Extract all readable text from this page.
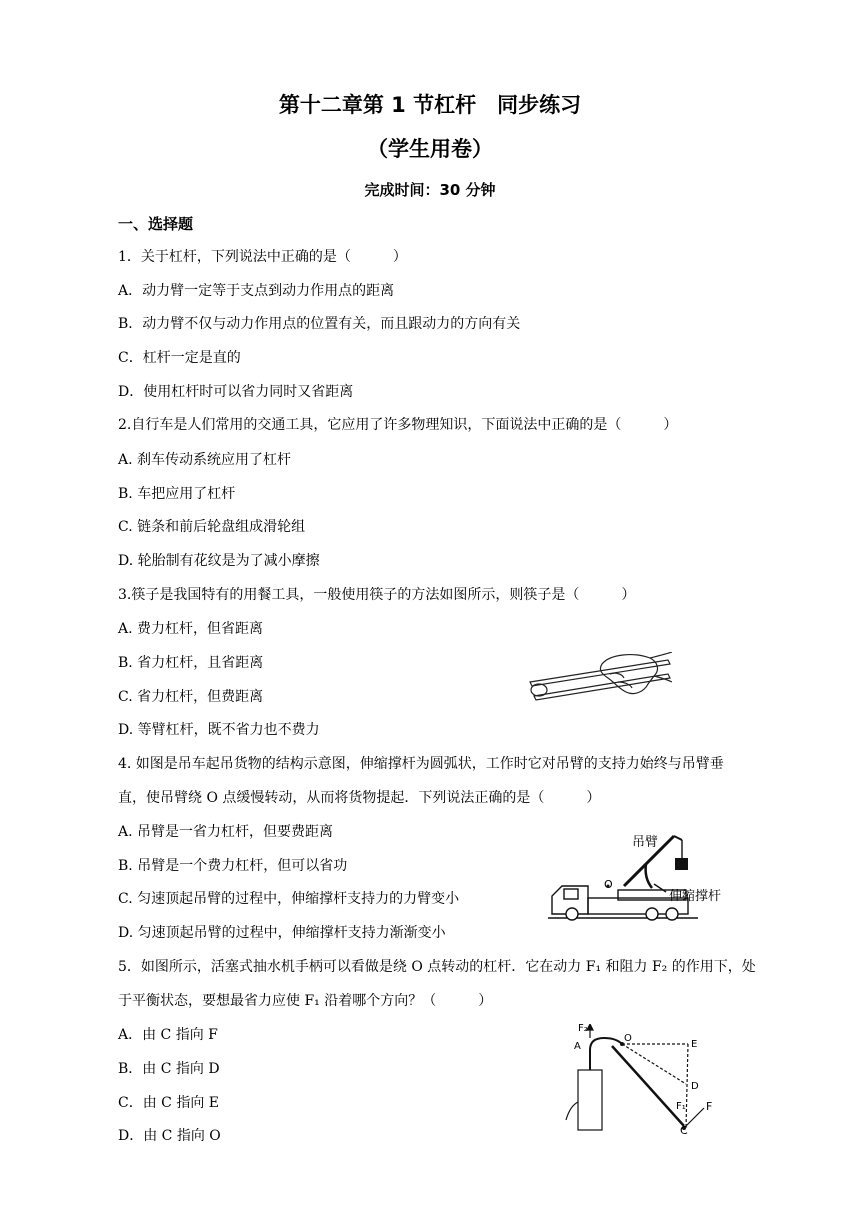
第十二章第 1 节杠杆　同步练习
（学生用卷）
完成时间：30 分钟
一、选择题
1．关于杠杆，下列说法中正确的是（　　　）
A．动力臂一定等于支点到动力作用点的距离
B．动力臂不仅与动力作用点的位置有关，而且跟动力的方向有关
C．杠杆一定是直的
D．使用杠杆时可以省力同时又省距离
2.自行车是人们常用的交通工具，它应用了许多物理知识，下面说法中正确的是（　　　）
A. 刹车传动系统应用了杠杆
B. 车把应用了杠杆
C. 链条和前后轮盘组成滑轮组
D. 轮胎制有花纹是为了减小摩擦
3.筷子是我国特有的用餐工具，一般使用筷子的方法如图所示，则筷子是（　　　）
A. 费力杠杆，但省距离
B. 省力杠杆，且省距离
C. 省力杠杆，但费距离
D. 等臂杠杆，既不省力也不费力
4. 如图是吊车起吊货物的结构示意图，伸缩撑杆为圆弧状，工作时它对吊臂的支持力始终与吊臂垂
直，使吊臂绕 O 点缓慢转动，从而将货物提起．下列说法正确的是（　　　）
A. 吊臂是一省力杠杆，但要费距离
B. 吊臂是一个费力杠杆，但可以省功
C. 匀速顶起吊臂的过程中，伸缩撑杆支持力的力臂变小
D. 匀速顶起吊臂的过程中，伸缩撑杆支持力渐渐变小
吊臂
伸缩撑杆
O
5．如图所示，活塞式抽水机手柄可以看做是绕 O 点转动的杠杆．它在动力 F₁ 和阻力 F₂ 的作用下，处
于平衡状态，要想最省力应使 F₁ 沿着哪个方向？（　　　）
A．由 C 指向 F
B．由 C 指向 D
C．由 C 指向 E
D．由 C 指向 O
F₂
A
O
E
D
F₁ F
C
